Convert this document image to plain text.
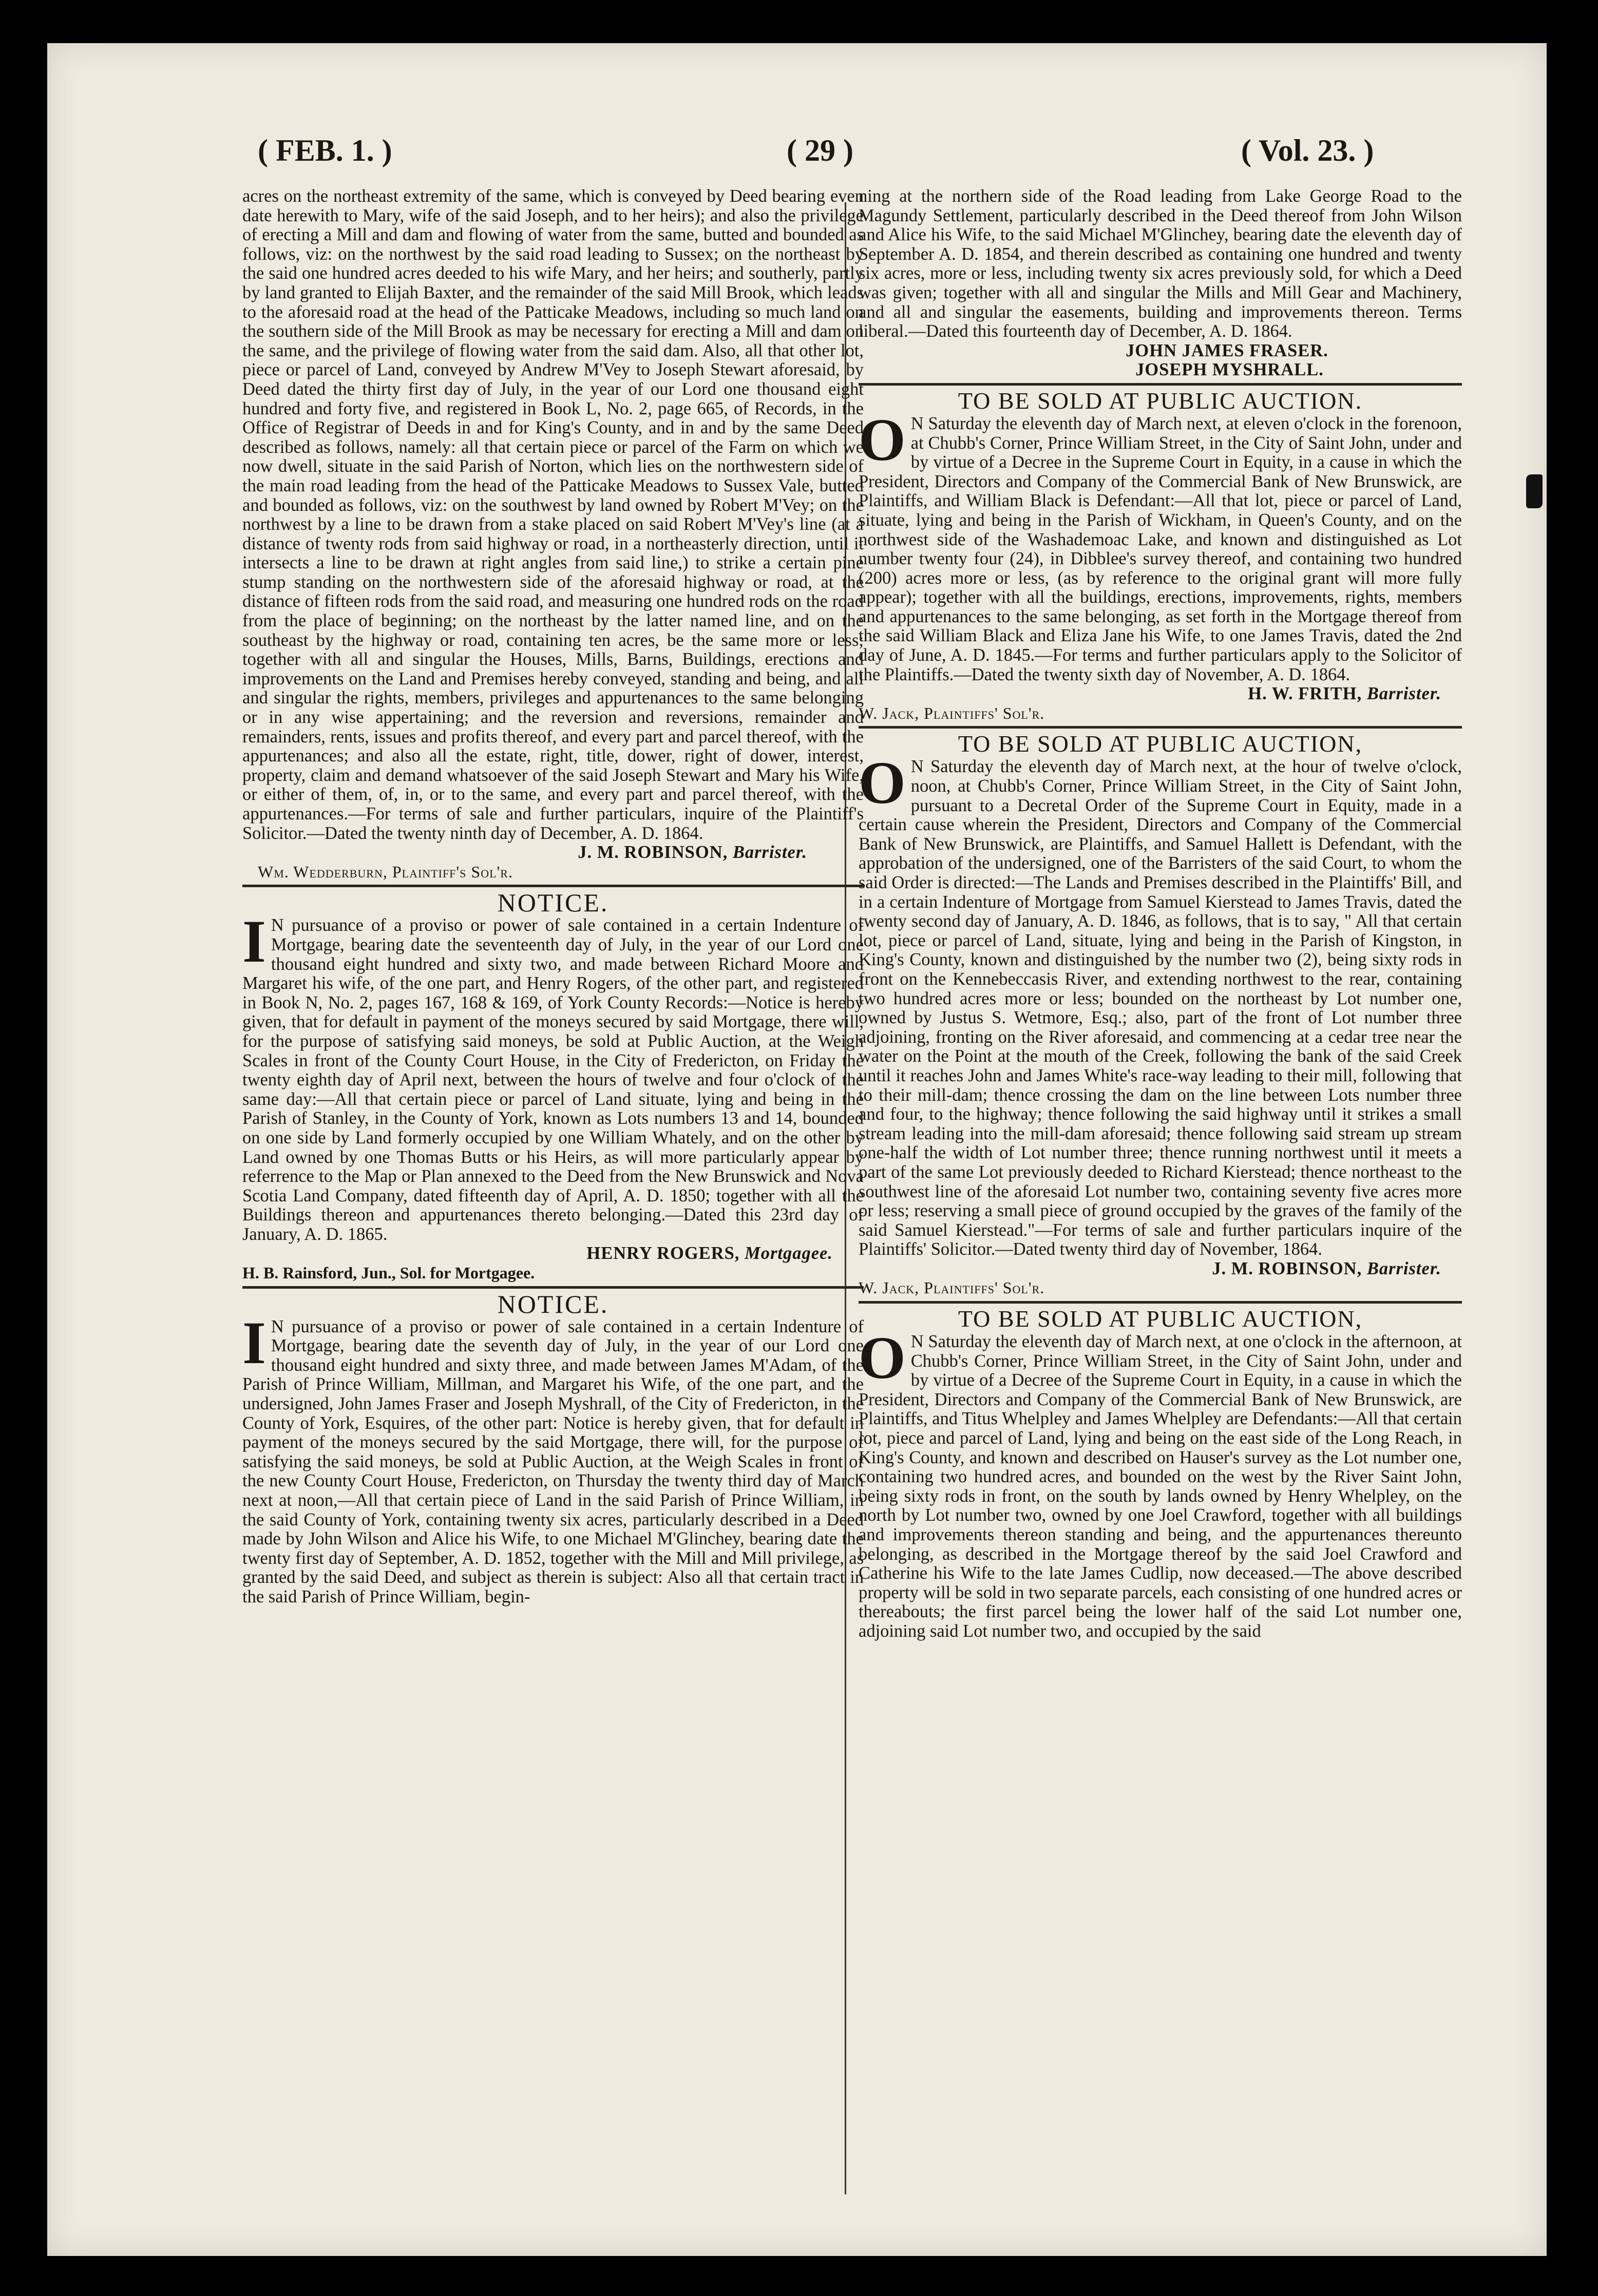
( FEB. 1. )	( 29 )	( Vol. 23. )

acres on the northeast extremity of the same, which is conveyed by Deed bearing even date herewith to Mary, wife of the said Joseph, and to her heirs); and also the privilege of erecting a Mill and dam and flowing of water from the same, butted and bounded as follows, viz: on the northwest by the said road leading to Sussex; on the northeast by the said one hundred acres deeded to his wife Mary, and her heirs; and southerly, partly by land granted to Elijah Baxter, and the remainder of the said Mill Brook, which leads to the aforesaid road at the head of the Patticake Meadows, including so much land on the southern side of the Mill Brook as may be necessary for erecting a Mill and dam on the same, and the privilege of flowing water from the said dam. Also, all that other lot, piece or parcel of Land, conveyed by Andrew M'Vey to Joseph Stewart aforesaid, by Deed dated the thirty first day of July, in the year of our Lord one thousand eight hundred and forty five, and registered in Book L, No. 2, page 665, of Records, in the Office of Registrar of Deeds in and for King's County, and in and by the same Deed described as follows, namely: all that certain piece or parcel of the Farm on which we now dwell, situate in the said Parish of Norton, which lies on the northwestern side of the main road leading from the head of the Patticake Meadows to Sussex Vale, butted and bounded as follows, viz: on the southwest by land owned by Robert M'Vey; on the northwest by a line to be drawn from a stake placed on said Robert M'Vey's line (at a distance of twenty rods from said highway or road, in a northeasterly direction, until it intersects a line to be drawn at right angles from said line,) to strike a certain pine stump standing on the northwestern side of the aforesaid highway or road, at the distance of fifteen rods from the said road, and measuring one hundred rods on the road from the place of beginning; on the northeast by the latter named line, and on the southeast by the highway or road, containing ten acres, be the same more or less; together with all and singular the Houses, Mills, Barns, Buildings, erections and improvements on the Land and Premises hereby conveyed, standing and being, and all and singular the rights, members, privileges and appurtenances to the same belonging or in any wise appertaining; and the reversion and reversions, remainder and remainders, rents, issues and profits thereof, and every part and parcel thereof, with the appurtenances; and also all the estate, right, title, dower, right of dower, interest, property, claim and demand whatsoever of the said Joseph Stewart and Mary his Wife, or either of them, of, in, or to the same, and every part and parcel thereof, with the appurtenances.—For terms of sale and further particulars, inquire of the Plaintiff's Solicitor.—Dated the twenty ninth day of December, A. D. 1864.

J. M. ROBINSON, Barrister.

Wm. Wedderburn, Plaintiff's Sol'r.

NOTICE.

I N pursuance of a proviso or power of sale contained in a certain Indenture of Mortgage, bearing date the seventeenth day of July, in the year of our Lord one thousand eight hundred and sixty two, and made between Richard Moore and Margaret his wife, of the one part, and Henry Rogers, of the other part, and registered in Book N, No. 2, pages 167, 168 & 169, of York County Records:—Notice is hereby given, that for default in payment of the moneys secured by said Mortgage, there will, for the purpose of satisfying said moneys, be sold at Public Auction, at the Weigh Scales in front of the County Court House, in the City of Fredericton, on Friday the twenty eighth day of April next, between the hours of twelve and four o'clock of the same day:—All that certain piece or parcel of Land situate, lying and being in the Parish of Stanley, in the County of York, known as Lots numbers 13 and 14, bounded on one side by Land formerly occupied by one William Whately, and on the other by Land owned by one Thomas Butts or his Heirs, as will more particularly appear by referrence to the Map or Plan annexed to the Deed from the New Brunswick and Nova Scotia Land Company, dated fifteenth day of April, A. D. 1850; together with all the Buildings thereon and appurtenances thereto belonging.—Dated this 23rd day of January, A. D. 1865.

HENRY ROGERS, Mortgagee.

H. B. Rainsford, Jun., Sol. for Mortgagee.

NOTICE.

I N pursuance of a proviso or power of sale contained in a certain Indenture of Mortgage, bearing date the seventh day of July, in the year of our Lord one thousand eight hundred and sixty three, and made between James M'Adam, of the Parish of Prince William, Millman, and Margaret his Wife, of the one part, and the undersigned, John James Fraser and Joseph Myshrall, of the City of Fredericton, in the County of York, Esquires, of the other part: Notice is hereby given, that for default in payment of the moneys secured by the said Mortgage, there will, for the purpose of satisfying the said moneys, be sold at Public Auction, at the Weigh Scales in front of the new County Court House, Fredericton, on Thursday the twenty third day of March next at noon,—All that certain piece of Land in the said Parish of Prince William, in the said County of York, containing twenty six acres, particularly described in a Deed made by John Wilson and Alice his Wife, to one Michael M'Glinchey, bearing date the twenty first day of September, A. D. 1852, together with the Mill and Mill privilege, as granted by the said Deed, and subject as therein is subject: Also all that certain tract in the said Parish of Prince William, begin-

ning at the northern side of the Road leading from Lake George Road to the Magundy Settlement, particularly described in the Deed thereof from John Wilson and Alice his Wife, to the said Michael M'Glinchey, bearing date the eleventh day of September A. D. 1854, and therein described as containing one hundred and twenty six acres, more or less, including twenty six acres previously sold, for which a Deed was given; together with all and singular the Mills and Mill Gear and Machinery, and all and singular the easements, building and improvements thereon. Terms liberal.—Dated this fourteenth day of December, A. D. 1864.

JOHN JAMES FRASER.

JOSEPH MYSHRALL.

TO BE SOLD AT PUBLIC AUCTION.

O N Saturday the eleventh day of March next, at eleven o'clock in the forenoon, at Chubb's Corner, Prince William Street, in the City of Saint John, under and by virtue of a Decree in the Supreme Court in Equity, in a cause in which the President, Directors and Company of the Commercial Bank of New Brunswick, are Plaintiffs, and William Black is Defendant:—All that lot, piece or parcel of Land, situate, lying and being in the Parish of Wickham, in Queen's County, and on the northwest side of the Washademoac Lake, and known and distinguished as Lot number twenty four (24), in Dibblee's survey thereof, and containing two hundred (200) acres more or less, (as by reference to the original grant will more fully appear); together with all the buildings, erections, improvements, rights, members and appurtenances to the same belonging, as set forth in the Mortgage thereof from the said William Black and Eliza Jane his Wife, to one James Travis, dated the 2nd day of June, A. D. 1845.—For terms and further particulars apply to the Solicitor of the Plaintiffs.—Dated the twenty sixth day of November, A. D. 1864.

H. W. FRITH, Barrister.

W. Jack, Plaintiffs' Sol'r.

TO BE SOLD AT PUBLIC AUCTION,

O N Saturday the eleventh day of March next, at the hour of twelve o'clock, noon, at Chubb's Corner, Prince William Street, in the City of Saint John, pursuant to a Decretal Order of the Supreme Court in Equity, made in a certain cause wherein the President, Directors and Company of the Commercial Bank of New Brunswick, are Plaintiffs, and Samuel Hallett is Defendant, with the approbation of the undersigned, one of the Barristers of the said Court, to whom the said Order is directed:—The Lands and Premises described in the Plaintiffs' Bill, and in a certain Indenture of Mortgage from Samuel Kierstead to James Travis, dated the twenty second day of January, A. D. 1846, as follows, that is to say, " All that certain lot, piece or parcel of Land, situate, lying and being in the Parish of Kingston, in King's County, known and distinguished by the number two (2), being sixty rods in front on the Kennebeccasis River, and extending northwest to the rear, containing two hundred acres more or less; bounded on the northeast by Lot number one, owned by Justus S. Wetmore, Esq.; also, part of the front of Lot number three adjoining, fronting on the River aforesaid, and commencing at a cedar tree near the water on the Point at the mouth of the Creek, following the bank of the said Creek until it reaches John and James White's race-way leading to their mill, following that to their mill-dam; thence crossing the dam on the line between Lots number three and four, to the highway; thence following the said highway until it strikes a small stream leading into the mill-dam aforesaid; thence following said stream up stream one-half the width of Lot number three; thence running northwest until it meets a part of the same Lot previously deeded to Richard Kierstead; thence northeast to the southwest line of the aforesaid Lot number two, containing seventy five acres more or less; reserving a small piece of ground occupied by the graves of the family of the said Samuel Kierstead."—For terms of sale and further particulars inquire of the Plaintiffs' Solicitor.—Dated twenty third day of November, 1864.

J. M. ROBINSON, Barrister.

W. Jack, Plaintiffs' Sol'r.

TO BE SOLD AT PUBLIC AUCTION,

O N Saturday the eleventh day of March next, at one o'clock in the afternoon, at Chubb's Corner, Prince William Street, in the City of Saint John, under and by virtue of a Decree of the Supreme Court in Equity, in a cause in which the President, Directors and Company of the Commercial Bank of New Brunswick, are Plaintiffs, and Titus Whelpley and James Whelpley are Defendants:—All that certain lot, piece and parcel of Land, lying and being on the east side of the Long Reach, in King's County, and known and described on Hauser's survey as the Lot number one, containing two hundred acres, and bounded on the west by the River Saint John, being sixty rods in front, on the south by lands owned by Henry Whelpley, on the north by Lot number two, owned by one Joel Crawford, together with all buildings and improvements thereon standing and being, and the appurtenances thereunto belonging, as described in the Mortgage thereof by the said Joel Crawford and Catherine his Wife to the late James Cudlip, now deceased.—The above described property will be sold in two separate parcels, each consisting of one hundred acres or thereabouts; the first parcel being the lower half of the said Lot number one, adjoining said Lot number two, and occupied by the said
